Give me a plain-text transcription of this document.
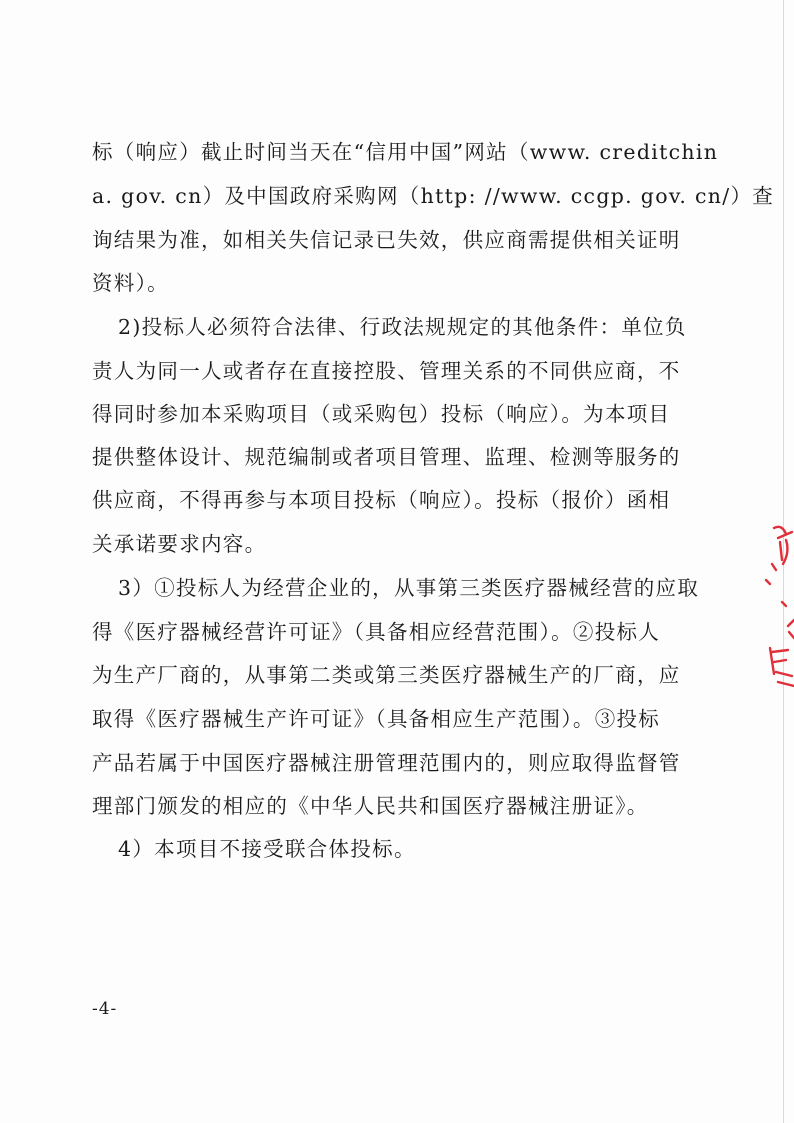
标（响应）截止时间当天在“信用中国”网站（www. creditchin
a. gov. cn）及中国政府采购网（http: //www. ccgp. gov. cn/）查
询结果为准，如相关失信记录已失效，供应商需提供相关证明
资料）。
2)投标人必须符合法律、行政法规规定的其他条件：单位负
责人为同一人或者存在直接控股、管理关系的不同供应商，不
得同时参加本采购项目（或采购包）投标（响应）。为本项目
提供整体设计、规范编制或者项目管理、监理、检测等服务的
供应商，不得再参与本项目投标（响应）。投标（报价）函相
关承诺要求内容。
3）①投标人为经营企业的，从事第三类医疗器械经营的应取
得《医疗器械经营许可证》（具备相应经营范围）。②投标人
为生产厂商的，从事第二类或第三类医疗器械生产的厂商，应
取得《医疗器械生产许可证》（具备相应生产范围）。③投标
产品若属于中国医疗器械注册管理范围内的，则应取得监督管
理部门颁发的相应的《中华人民共和国医疗器械注册证》。
4）本项目不接受联合体投标。
-4-
